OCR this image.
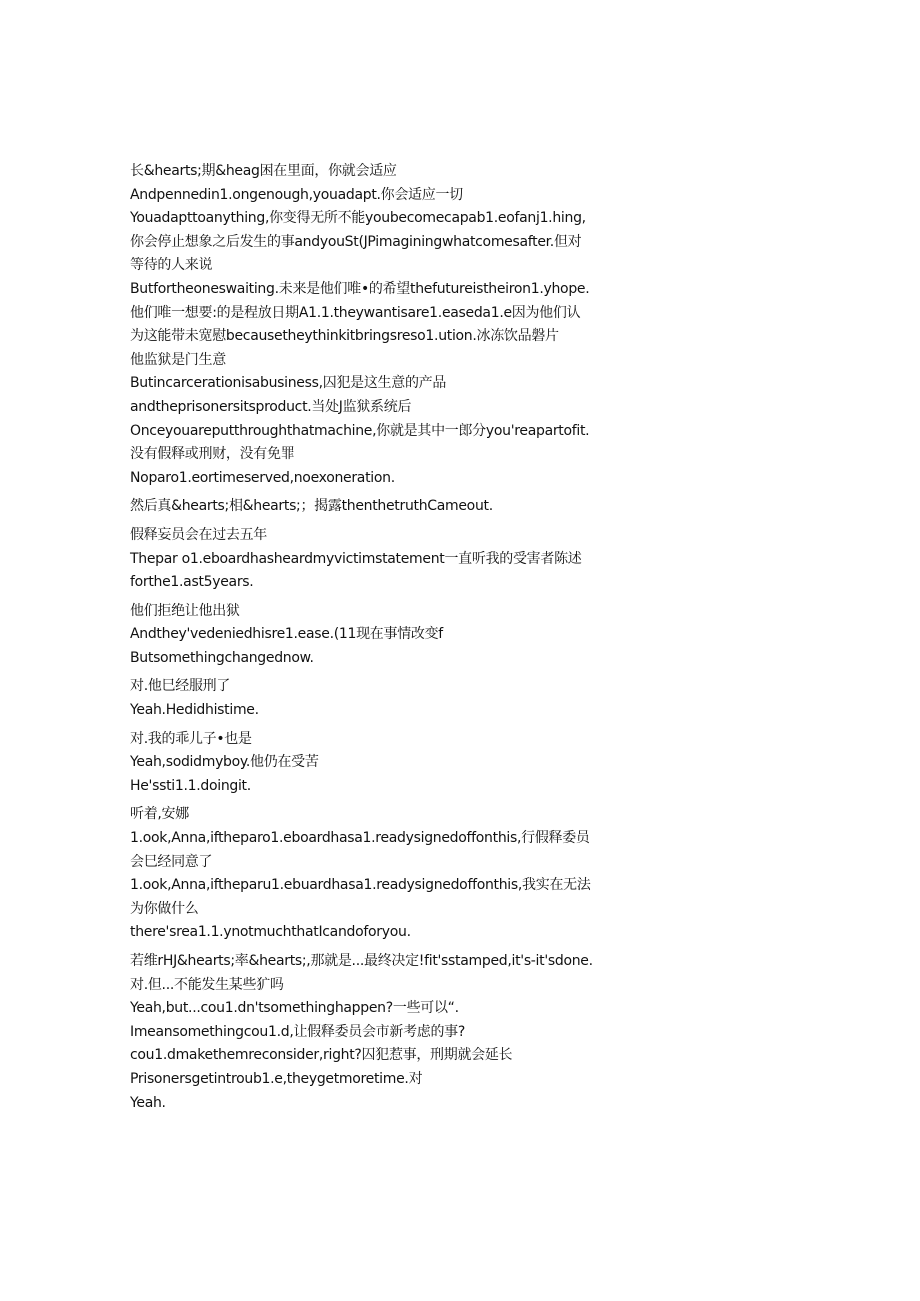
长&hearts;期&heag困在里面，你就会适应
Andpennedin1.ongenough,youadapt.你会适应一切
Youadapttoanything,你变得无所不能youbecomecapab1.eofanj1.hing,
你会停止想象之后发生的事andyouSt(JPimaginingwhatcomesafter.但对
等待的人来说
Butfortheoneswaiting.未来是他们唯•的希望thefutureistheiron1.yhope.
他们唯一想要:的是程放日期A1.1.theywantisare1.easeda1.e因为他们认
为这能带未宽慰becausetheythinkitbringsreso1.ution.冰冻饮品磐片
他监狱是门生意
Butincarcerationisabusiness,囚犯是这生意的产品
andtheprisonersitsproduct.当处J监狱系统后
Onceyouareputthroughthatmachine,你就是其中一郎分you'reapartofit.
没有假释或刑财，没有免罪
Noparo1.eortimeserved,noexoneration.
然后真&hearts;相&hearts;；揭露thenthetruthCameout.
假释妄员会在过去五年
Thepar o1.eboardhasheardmyvictimstatement一直听我的受害者陈述
forthe1.ast5years.
他们拒绝让他出狱
Andthey'vedeniedhisre1.ease.(11现在事情改变f
Butsomethingchangednow.
对.他巳经服刑了
Yeah.Hedidhistime.
对.我的乖儿子•也是
Yeah,sodidmyboy.他仍在受苦
He'ssti1.1.doingit.
听着,安娜
1.ook,Anna,iftheparo1.eboardhasa1.readysignedoffonthis,行假释委员
会巳经同意了
1.ook,Anna,iftheparu1.ebuardhasa1.readysignedoffonthis,我实在无法
为你做什么
there'srea1.1.ynotmuchthatIcandoforyou.
若维rHJ&hearts;率&hearts;,那就是...最终决定!fit'sstamped,it's-it'sdone.
对.但...不能发生某些犷吗
Yeah,but...cou1.dn'tsomethinghappen?一些可以“.
Imeansomethingcou1.d,让假释委员会市新考虑的事?
cou1.dmakethemreconsider,right?囚犯惹事，刑期就会延长
Prisonersgetintroub1.e,theygetmoretime.对
Yeah.
